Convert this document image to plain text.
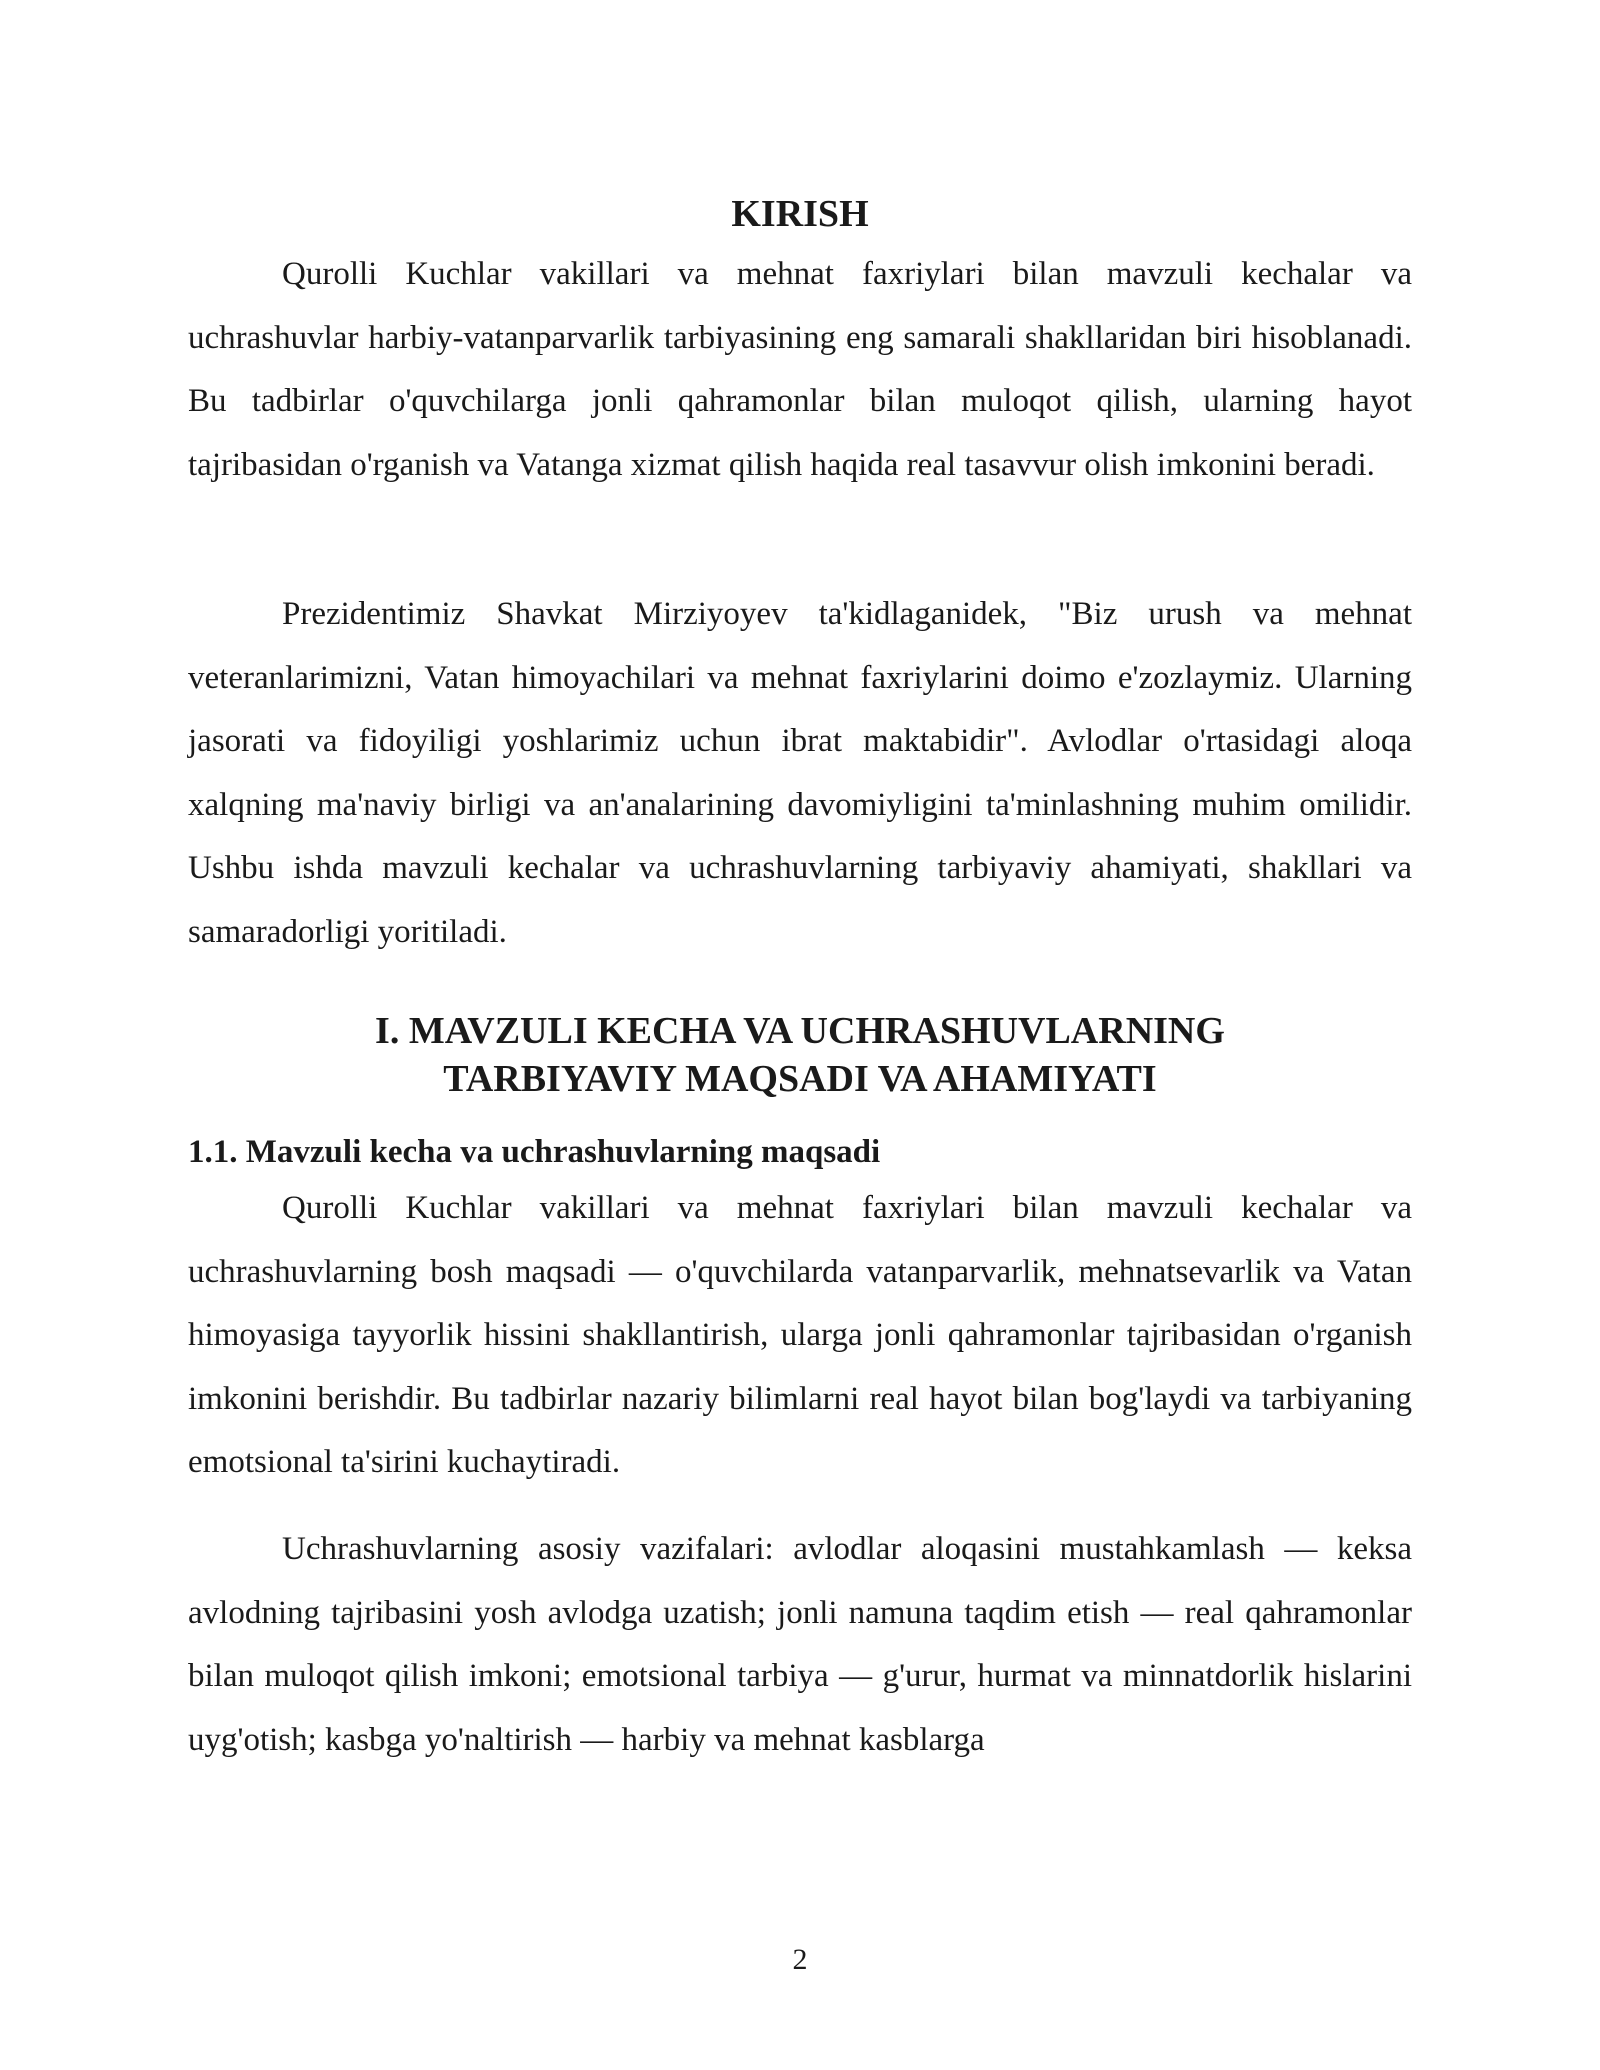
KIRISH

Qurolli Kuchlar vakillari va mehnat faxriylari bilan mavzuli kechalar va uchrashuvlar harbiy-vatanparvarlik tarbiyasining eng samarali shakllaridan biri hisoblanadi. Bu tadbirlar o'quvchilarga jonli qahramonlar bilan muloqot qilish, ularning hayot tajribasidan o'rganish va Vatanga xizmat qilish haqida real tasavvur olish imkonini beradi.

Prezidentimiz Shavkat Mirziyoyev ta'kidlaganidek, "Biz urush va mehnat veteranlarimizni, Vatan himoyachilari va mehnat faxriylarini doimo e'zozlaymiz. Ularning jasorati va fidoyiligi yoshlarimiz uchun ibrat maktabidir". Avlodlar o'rtasidagi aloqa xalqning ma'naviy birligi va an'analarining davomiyligini ta'minlashning muhim omilidir. Ushbu ishda mavzuli kechalar va uchrashuvlarning tarbiyaviy ahamiyati, shakllari va samaradorligi yoritiladi.

I. MAVZULI KECHA VA UCHRASHUVLARNING
TARBIYAVIY MAQSADI VA AHAMIYATI
1.1. Mavzuli kecha va uchrashuvlarning maqsadi

Qurolli Kuchlar vakillari va mehnat faxriylari bilan mavzuli kechalar va uchrashuvlarning bosh maqsadi — o'quvchilarda vatanparvarlik, mehnatsevarlik va Vatan himoyasiga tayyorlik hissini shakllantirish, ularga jonli qahramonlar tajribasidan o'rganish imkonini berishdir. Bu tadbirlar nazariy bilimlarni real hayot bilan bog'laydi va tarbiyaning emotsional ta'sirini kuchaytiradi.

Uchrashuvlarning asosiy vazifalari: avlodlar aloqasini mustahkamlash — keksa avlodning tajribasini yosh avlodga uzatish; jonli namuna taqdim etish — real qahramonlar bilan muloqot qilish imkoni; emotsional tarbiya — g'urur, hurmat va minnatdorlik hislarini uyg'otish; kasbga yo'naltirish — harbiy va mehnat kasblarga

2
